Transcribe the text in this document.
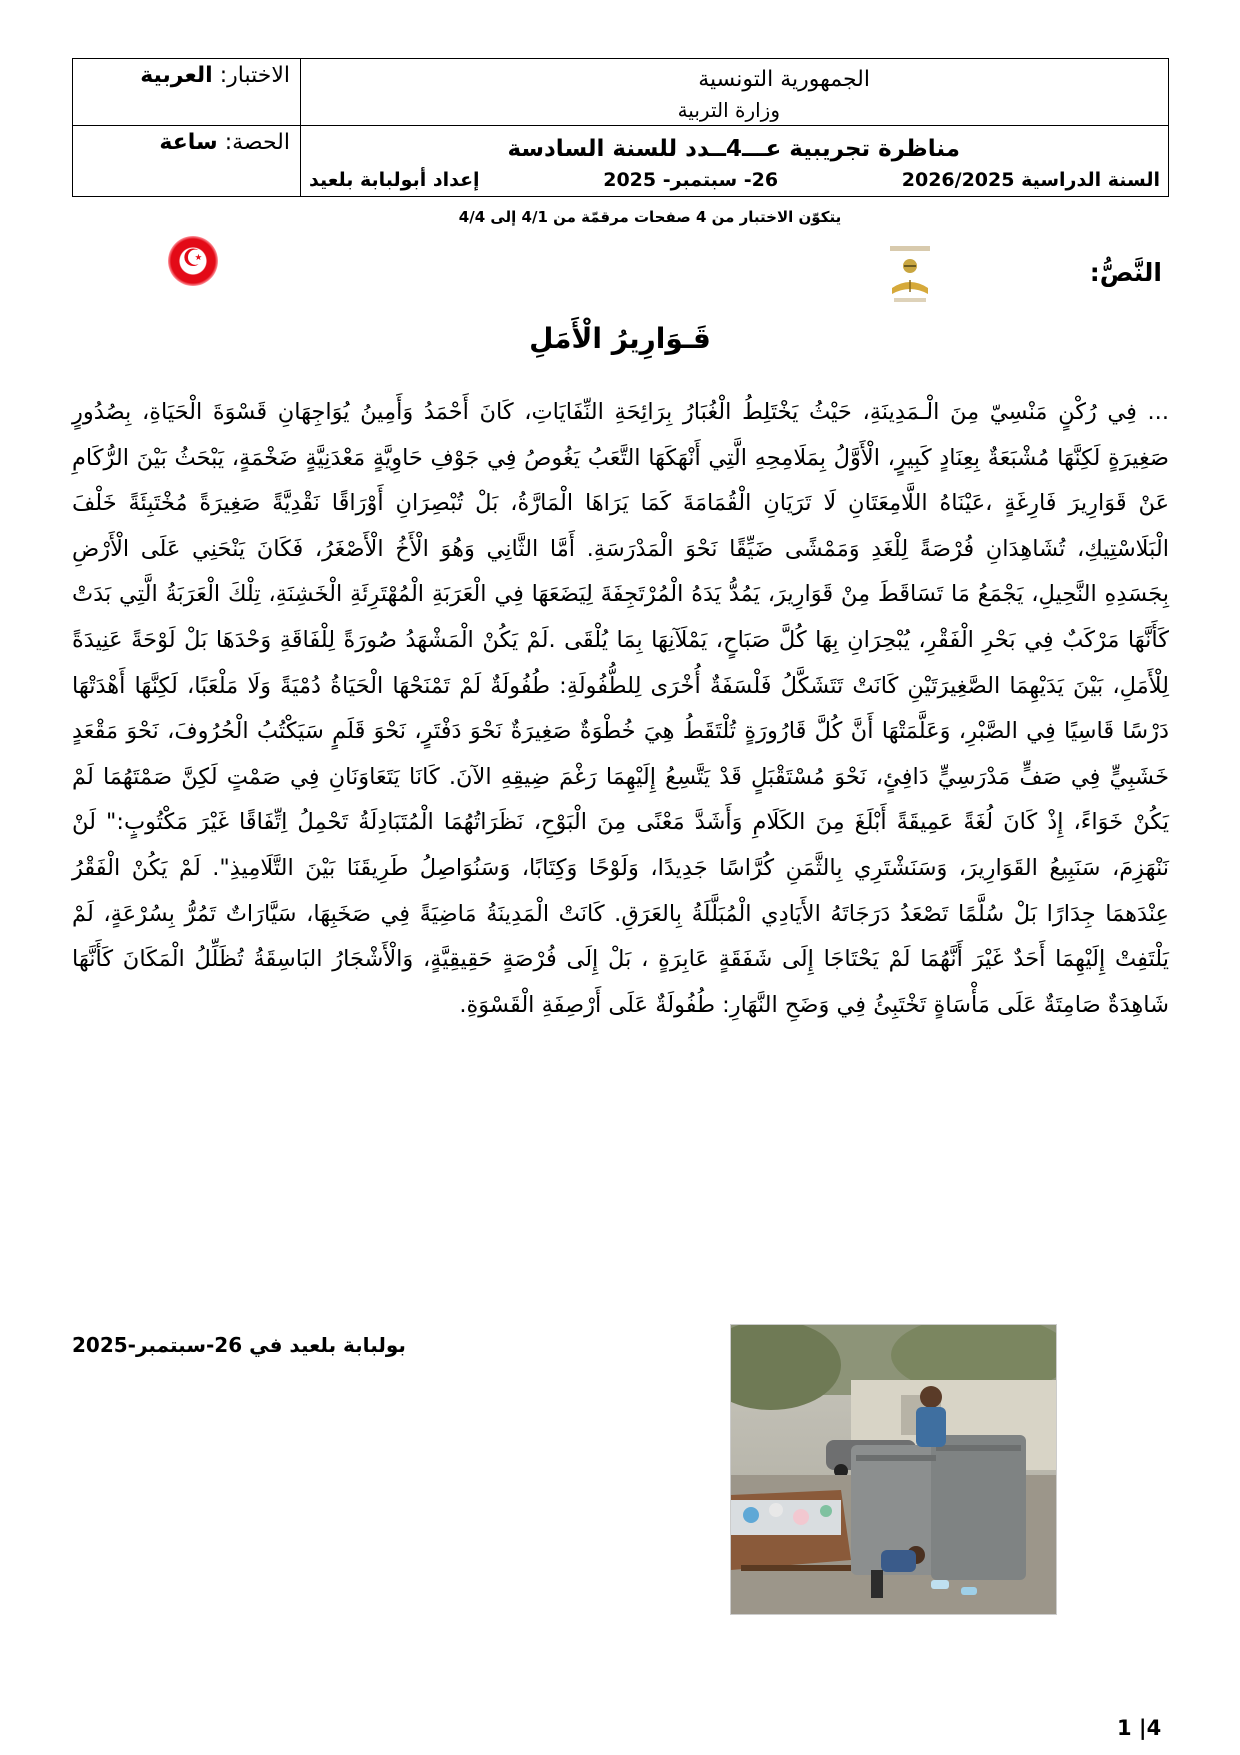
الجمهورية التونسية
وزارة التربية	الاختبار: العربية

مناظرة تجريبية عـــ4ــدد للسنة السادسة
السنة الدراسية 2026/2025
26- سبتمبر- 2025
إعداد أبولبابة بلعيد	الحصة: ساعة
يتكوّن الاختبار من 4 صفحات مرقمّة من 4/1 إلى 4/4
☪	النَّصُّ:
قَـوَارِيرُ الْأَمَلِ

... فِي رُكْنٍ مَنْسِيّ مِنَ الْـمَدِينَةِ، حَيْثُ يَخْتَلِطُ الْغُبَارُ بِرَائِحَةِ النِّفَايَاتِ، كَانَ أَحْمَدُ وَأَمِينُ يُوَاجِهَانِ قَسْوَةَ الْحَيَاةِ، بِصُدُورٍ صَغِيرَةٍ لَكِنَّهَا مُشْبَعَةٌ بِعِنَادٍ كَبِيرٍ، الْأَوَّلُ بِمَلَامِحِهِ الَّتِي أَنْهَكَهَا التَّعَبُ يَغُوصُ فِي جَوْفِ حَاوِيَّةٍ مَعْدَنِيَّةٍ ضَخْمَةٍ، يَبْحَثُ بَيْنَ الرُّكَامِ عَنْ قَوَارِيرَ فَارِغَةٍ ،عَيْنَاهُ اللَّامِعَتَانِ لَا تَرَيَانِ الْقُمَامَةَ كَمَا يَرَاهَا الْمَارَّةُ، بَلْ تُبْصِرَانِ أَوْرَاقًا نَقْدِيَّةً صَغِيرَةً مُخْتَبِئَةً خَلْفَ الْبَلَاسْتِيكِ، تُشَاهِدَانِ فُرْصَةً لِلْغَدِ وَمَمْشًى ضَيِّقًا نَحْوَ الْمَدْرَسَةِ. أَمَّا الثَّانِي وَهُوَ الْأَخُ الْأَصْغَرُ، فَكَانَ يَنْحَنِي عَلَى الْأَرْضِ بِجَسَدِهِ النَّحِيلِ، يَجْمَعُ مَا تَسَاقَطَ مِنْ قَوَارِيرَ، يَمُدُّ يَدَهُ الْمُرْتَجِفَةَ لِيَضَعَهَا فِي الْعَرَبَةِ الْمُهْتَرِئَةِ الْخَشِنَةِ، تِلْكَ الْعَرَبَةُ الَّتِي بَدَتْ كَأَنَّهَا مَرْكَبٌ فِي بَحْرِ الْفَقْرِ، يُبْحِرَانِ بِهَا كُلَّ صَبَاحٍ، يَمْلَآنِهَا بِمَا يُلْقَى .لَمْ يَكُنْ الْمَشْهَدُ صُورَةً لِلْفَاقَةِ وَحْدَهَا بَلْ لَوْحَةً عَنِيدَةً لِلْأَمَلِ، بَيْنَ يَدَيْهِمَا الصَّغِيرَتَيْنِ كَانَتْ تَتَشَكَّلُ فَلْسَفَةٌ أُخْرَى لِلطُّفُولَةِ: طُفُولَةٌ لَمْ تَمْنَحْهَا الْحَيَاةُ دُمْيَةً وَلَا مَلْعَبًا، لَكِنَّهَا أَهْدَتْهَا دَرْسًا قَاسِيًا فِي الصَّبْرِ، وَعَلَّمَتْهَا أَنَّ كُلَّ قَارُورَةٍ تُلْتَقَطُ هِيَ خُطْوَةٌ صَغِيرَةٌ نَحْوَ دَفْتَرٍ، نَحْوَ قَلَمٍ سَيَكْتُبُ الْحُرُوفَ، نَحْوَ مَقْعَدٍ خَشَبِيٍّ فِي صَفٍّ مَدْرَسِيٍّ دَافِئٍ، نَحْوَ مُسْتَقْبَلٍ قَدْ يَتَّسِعُ إِلَيْهِمَا رَغْمَ ضِيقِهِ الآنَ. كَانَا يَتَعَاوَنَانِ فِي صَمْتٍ لَكِنَّ صَمْتَهُمَا لَمْ يَكُنْ خَوَاءً، إِذْ كَانَ لُغَةً عَمِيقَةً أَبْلَغَ مِنَ الكَلَامِ وَأَشَدَّ مَعْنًى مِنَ الْبَوْحِ، نَظَرَاتُهُمَا الْمُتَبَادِلَةُ تَحْمِلُ اِتِّفَاقًا غَيْرَ مَكْتُوبٍ:" لَنْ نَنْهَزِمَ، سَنَبِيعُ القَوَارِيرَ، وَسَنَشْتَرِي بِالثَّمَنِ كُرَّاسًا جَدِيدًا، وَلَوْحًا وَكِتَابًا، وَسَنُوَاصِلُ طَرِيقَنَا بَيْنَ التَّلَامِيذِ". لَمْ يَكُنْ الْفَقْرُ عِنْدَهمَا جِدَارًا بَلْ سُلَّمًا تَصْعَدُ دَرَجَاتَهُ الأَيَادِي الْمُبَلَّلَةُ بِالعَرَقِ. كَانَتْ الْمَدِينَةُ مَاضِيَةً فِي صَخَبِهَا، سَيَّارَاتٌ تَمُرُّ بِسُرْعَةٍ، لَمْ يَلْتَفِتْ إِلَيْهِمَا أَحَدٌ غَيْرَ أَنَّهُمَا لَمْ يَحْتَاجَا إِلَى شَفَقَةٍ عَابِرَةٍ ، بَلْ إِلَى فُرْصَةٍ حَقِيقِيَّةٍ، وَالْأَشْجَارُ البَاسِقَةُ تُظَلِّلُ الْمَكَانَ كَأَنَّهَا شَاهِدَةٌ صَامِتَةٌ عَلَى مَأْسَاةٍ تَخْتَبِئُ فِي وَضَحِ النَّهَارِ: طُفُولَةٌ عَلَى أَرْصِفَةِ الْقَسْوَةِ.

بولبابة بلعيد في 26-سبتمبر-2025
1 |4
